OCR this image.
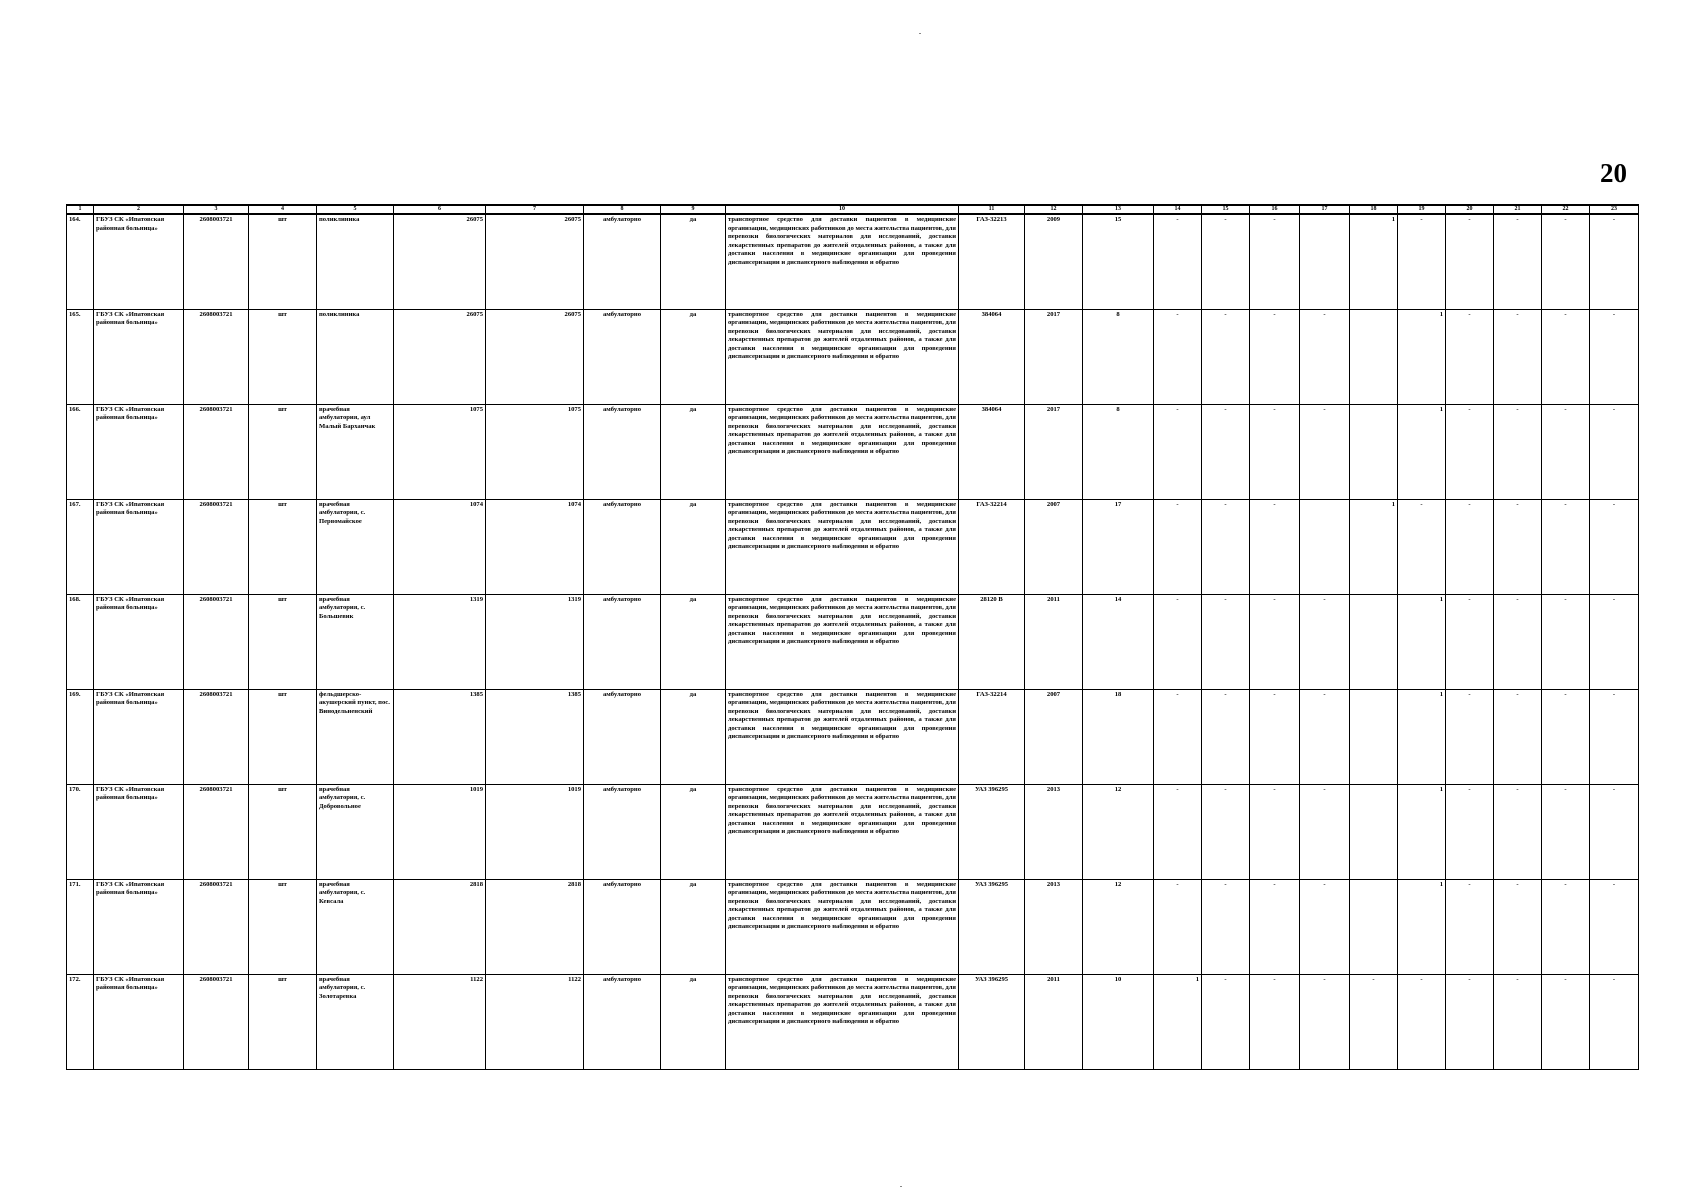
20
1	2	3	4	5	6	7	8	9	10	11	12	13	14	15	16	17	18	19	20	21	22	23
164.	ГБУЗ СК «Ипатовская районная больница»	2608003721	шт	поликлиника	26075	26075	амбулаторно	да	транспортное средство для доставки пациентов в медицинские организации, медицинских работников до места жительства пациентов, для перевозки биологических материалов для исследований, доставки лекарственных препаратов до жителей отдаленных районов, а также для доставки населения в медицинские организации для проведения диспансеризации и диспансерного наблюдения и обратно	ГАЗ-32213	2009	15	-	-	-		1	-	-	-	-	-
165.	ГБУЗ СК «Ипатовская районная больница»	2608003721	шт	поликлиника	26075	26075	амбулаторно	да	транспортное средство для доставки пациентов в медицинские организации, медицинских работников до места жительства пациентов, для перевозки биологических материалов для исследований, доставки лекарственных препаратов до жителей отдаленных районов, а также для доставки населения в медицинские организации для проведения диспансеризации и диспансерного наблюдения и обратно	384064	2017	8	-	-	-	-		1	-	-	-	-
166.	ГБУЗ СК «Ипатовская районная больница»	2608003721	шт	врачебная амбулатория, аул Малый Барханчак	1075	1075	амбулаторно	да	транспортное средство для доставки пациентов в медицинские организации, медицинских работников до места жительства пациентов, для перевозки биологических материалов для исследований, доставки лекарственных препаратов до жителей отдаленных районов, а также для доставки населения в медицинские организации для проведения диспансеризации и диспансерного наблюдения и обратно	384064	2017	8	-	-	-	-		1	-	-	-	-
167.	ГБУЗ СК «Ипатовская районная больница»	2608003721	шт	врачебная амбулатория, с. Первомайское	1074	1074	амбулаторно	да	транспортное средство для доставки пациентов в медицинские организации, медицинских работников до места жительства пациентов, для перевозки биологических материалов для исследований, доставки лекарственных препаратов до жителей отдаленных районов, а также для доставки населения в медицинские организации для проведения диспансеризации и диспансерного наблюдения и обратно	ГАЗ-32214	2007	17	-	-	-		1	-	-	-	-	-
168.	ГБУЗ СК «Ипатовская районная больница»	2608003721	шт	врачебная амбулатория, с. Большевик	1319	1319	амбулаторно	да	транспортное средство для доставки пациентов в медицинские организации, медицинских работников до места жительства пациентов, для перевозки биологических материалов для исследований, доставки лекарственных препаратов до жителей отдаленных районов, а также для доставки населения в медицинские организации для проведения диспансеризации и диспансерного наблюдения и обратно	28120 В	2011	14	-	-	-	-		1	-	-	-	-
169.	ГБУЗ СК «Ипатовская районная больница»	2608003721	шт	фельдшерско-акушерский пункт, пос. Винодельненский	1385	1385	амбулаторно	да	транспортное средство для доставки пациентов в медицинские организации, медицинских работников до места жительства пациентов, для перевозки биологических материалов для исследований, доставки лекарственных препаратов до жителей отдаленных районов, а также для доставки населения в медицинские организации для проведения диспансеризации и диспансерного наблюдения и обратно	ГАЗ-32214	2007	18	-	-	-	-		1	-	-	-	-
170.	ГБУЗ СК «Ипатовская районная больница»	2608003721	шт	врачебная амбулатория, с. Добровольное	1019	1019	амбулаторно	да	транспортное средство для доставки пациентов в медицинские организации, медицинских работников до места жительства пациентов, для перевозки биологических материалов для исследований, доставки лекарственных препаратов до жителей отдаленных районов, а также для доставки населения в медицинские организации для проведения диспансеризации и диспансерного наблюдения и обратно	УАЗ 396295	2013	12	-	-	-	-		1	-	-	-	-
171.	ГБУЗ СК «Ипатовская районная больница»	2608003721	шт	врачебная амбулатория, с. Кевсала	2818	2818	амбулаторно	да	транспортное средство для доставки пациентов в медицинские организации, медицинских работников до места жительства пациентов, для перевозки биологических материалов для исследований, доставки лекарственных препаратов до жителей отдаленных районов, а также для доставки населения в медицинские организации для проведения диспансеризации и диспансерного наблюдения и обратно	УАЗ 396295	2013	12	-	-	-	-		1	-	-	-	-
172.	ГБУЗ СК «Ипатовская районная больница»	2608003721	шт	врачебная амбулатория, с. Золотаревка	1122	1122	амбулаторно	да	транспортное средство для доставки пациентов в медицинские организации, медицинских работников до места жительства пациентов, для перевозки биологических материалов для исследований, доставки лекарственных препаратов до жителей отдаленных районов, а также для доставки населения в медицинские организации для проведения диспансеризации и диспансерного наблюдения и обратно	УАЗ 396295	2011	10	1	-	-	-	-	-	-	-	-	-
